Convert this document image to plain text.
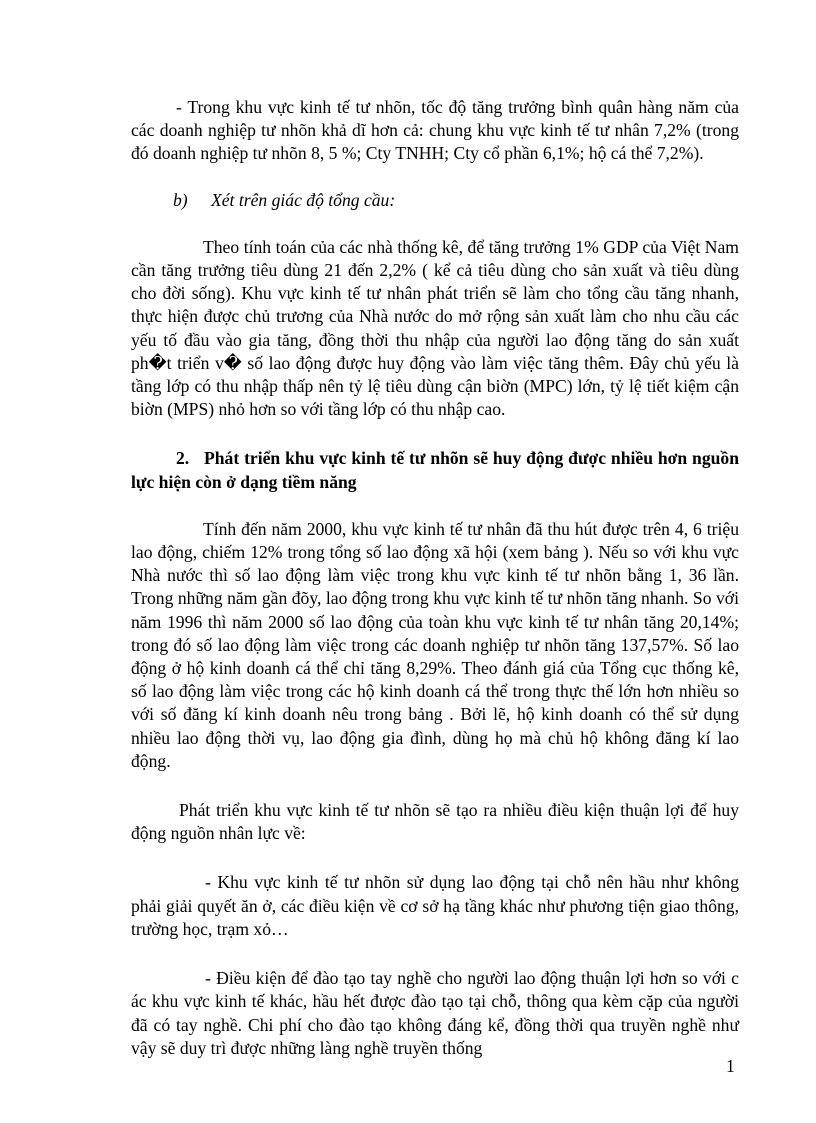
- Trong khu vực kinh tế tư nhõn, tốc độ tăng trưởng bình quân hàng năm của các doanh nghiệp tư nhõn khả dĩ hơn cả: chung khu vực kinh tế tư nhân 7,2% (trong đó doanh nghiệp tư nhõn 8, 5 %; Cty TNHH; Cty cổ phần 6,1%; hộ cá thể 7,2%).

b) Xét trên giác độ tổng cầu:

Theo tính toán của các nhà thống kê, để tăng trưởng 1% GDP của Việt Nam cần tăng trưởng tiêu dùng 21 đến 2,2% ( kể cả tiêu dùng cho sản xuất và tiêu dùng cho đời sống). Khu vực kinh tế tư nhân phát triển sẽ làm cho tổng cầu tăng nhanh, thực hiện được chủ trương của Nhà nước do mở rộng sản xuất làm cho nhu cầu các yếu tố đầu vào gia tăng, đồng thời thu nhập của người lao động tăng do sản xuất ph�t triển v� số lao động được huy động vào làm việc tăng thêm. Đây chủ yếu là tầng lớp có thu nhập thấp nên tỷ lệ tiêu dùng cận biờn (MPC) lớn, tỷ lệ tiết kiệm cận biờn (MPS) nhỏ hơn so với tầng lớp có thu nhập cao.

2. Phát triển khu vực kinh tế tư nhõn sẽ huy động được nhiều hơn nguồn lực hiện còn ở dạng tiềm năng

Tính đến năm 2000, khu vực kinh tế tư nhân đã thu hút được trên 4, 6 triệu lao động, chiếm 12% trong tổng số lao động xã hội (xem bảng ). Nếu so với khu vực Nhà nước thì số lao động làm việc trong khu vực kinh tế tư nhõn bằng 1, 36 lần. Trong những năm gần đõy, lao động trong khu vực kinh tế tư nhõn tăng nhanh. So với năm 1996 thì năm 2000 số lao động của toàn khu vực kinh tế tư nhân tăng 20,14%; trong đó số lao động làm việc trong các doanh nghiệp tư nhõn tăng 137,57%. Số lao động ở hộ kinh doanh cá thể chỉ tăng 8,29%. Theo đánh giá của Tổng cục thống kê, số lao động làm việc trong các hộ kinh doanh cá thể trong thực thế lớn hơn nhiều so với số đăng kí kinh doanh nêu trong bảng . Bởi lẽ, hộ kinh doanh có thể sử dụng nhiều lao động thời vụ, lao động gia đình, dùng họ mà chủ hộ không đăng kí lao động.

Phát triển khu vực kinh tế tư nhõn sẽ tạo ra nhiều điều kiện thuận lợi để huy động nguồn nhân lực về:

- Khu vực kinh tế tư nhõn sử dụng lao động tại chỗ nên hầu như không phải giải quyết ăn ở, các điều kiện về cơ sở hạ tầng khác như phương tiện giao thông, trường học, trạm xỏ…

- Điều kiện để đào tạo tay nghề cho người lao động thuận lợi hơn so với c ác khu vực kinh tế khác, hầu hết được đào tạo tại chỗ, thông qua kèm cặp của người đã có tay nghề. Chi phí cho đào tạo không đáng kể, đồng thời qua truyền nghề như vậy sẽ duy trì được những làng nghề truyền thống

1
